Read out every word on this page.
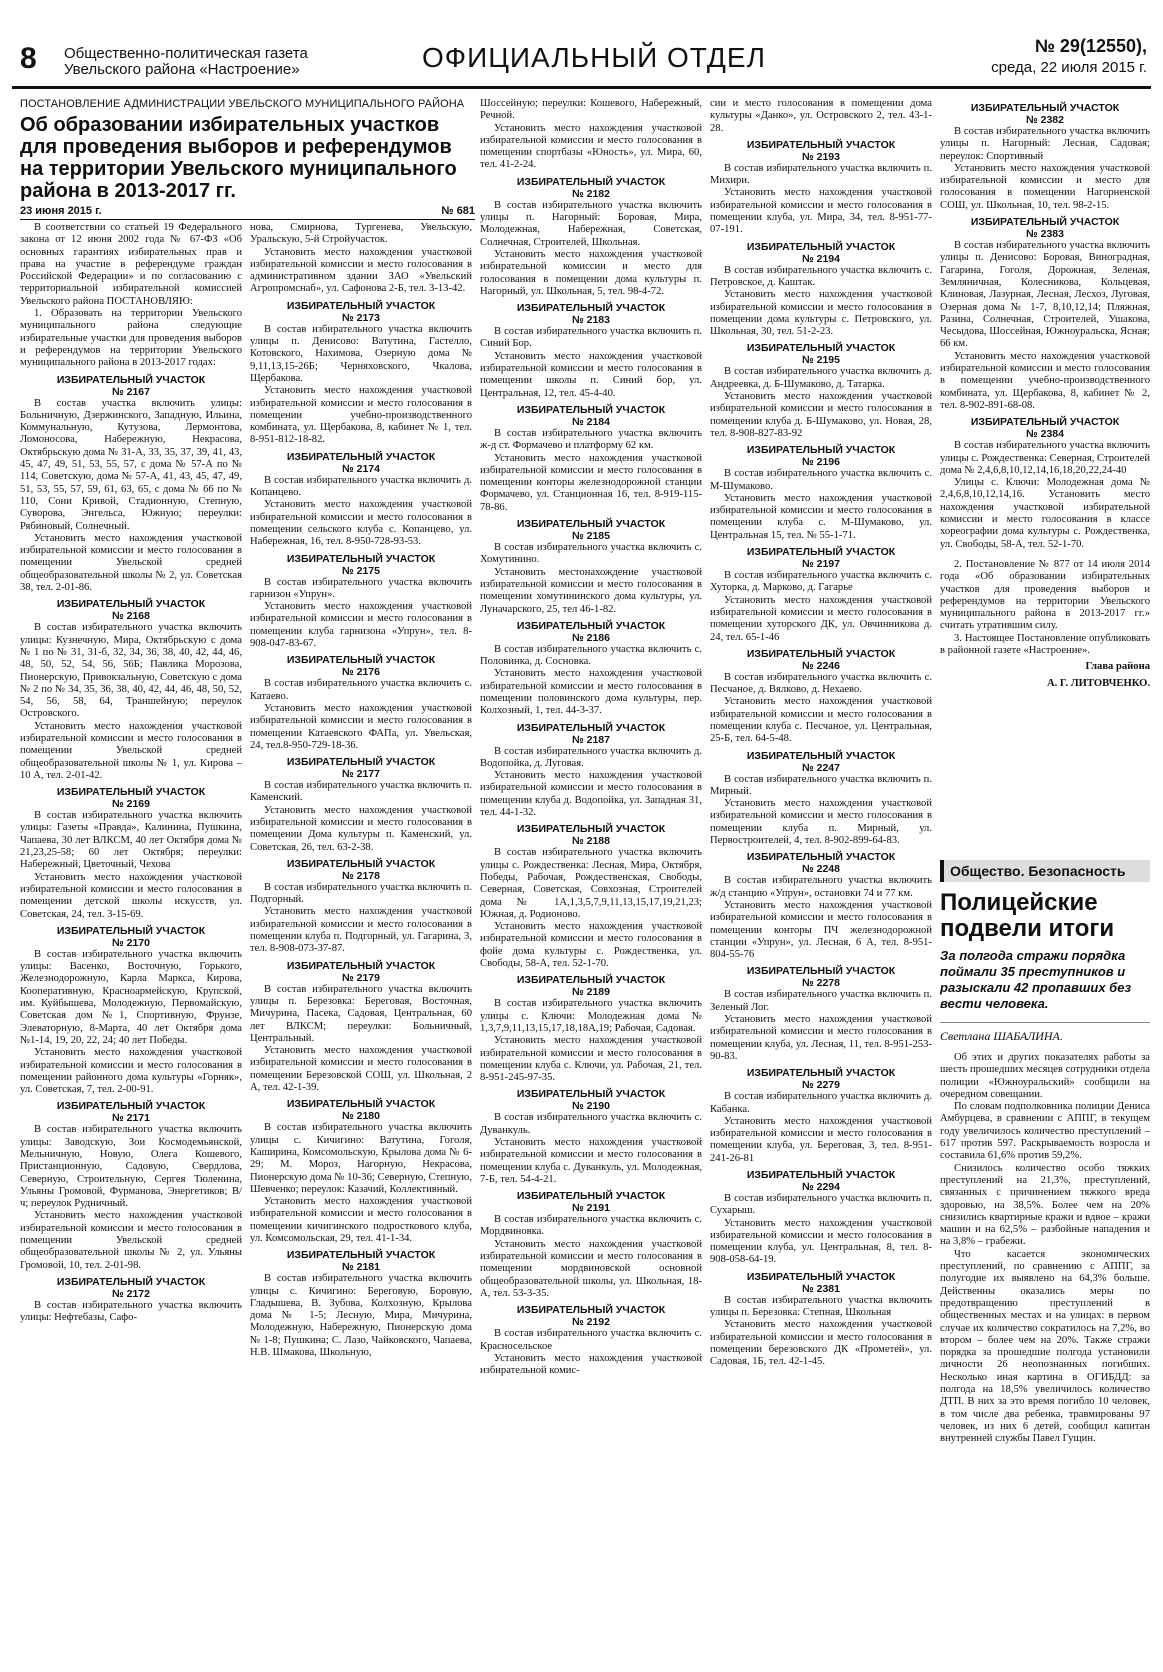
8 Общественно-политическая газета
Увельского района «Настроение»	ОФИЦИАЛЬНЫЙ ОТДЕЛ	№ 29(12550),
среда, 22 июля 2015 г.
ПОСТАНОВЛЕНИЕ АДМИНИСТРАЦИИ УВЕЛЬСКОГО МУНИЦИПАЛЬНОГО РАЙОНА
Об образовании избирательных участков для проведения выборов и референдумов на территории Увельского муниципального района в 2013-2017 гг.
23 июня 2015 г.	№ 681

В соответствии со статьей 19 Федерального закона от 12 июня 2002 года № 67-ФЗ «Об основных гарантиях избирательных прав и права на участие в референдуме граждан Российской Федерации» и по согласованию с территориальной избирательной комиссией Увельского района ПОСТАНОВЛЯЮ:

1. Образовать на территории Увельского муниципального района следующие избирательные участки для проведения выборов и референдумов на территории Увельского муниципального района в 2013-2017 годах:

ИЗБИРАТЕЛЬНЫЙ УЧАСТОК
№ 2167

В состав участка включить улицы: Больничную, Дзержинского, Западную, Ильина, Коммунальную, Кутузова, Лермонтова, Ломоносова, Набережную, Некрасова, Октябрьскую дома № 31-А, 33, 35, 37, 39, 41, 43, 45, 47, 49, 51, 53, 55, 57, с дома № 57-А по № 114, Советскую, дома № 57-А, 41, 43, 45, 47, 49, 51, 53, 55, 57, 59, 61, 63, 65, с дома № 66 по № 110, Сони Кривой, Стадионную, Степную, Суворова, Энгельса, Южную; переулки: Рябиновый, Солнечный.

Установить место нахождения участковой избирательной комиссии и место голосования в помещении Увельской средней общеобразовательной школы № 2, ул. Советская 38, тел. 2-01-86.

ИЗБИРАТЕЛЬНЫЙ УЧАСТОК
№ 2168

В состав избирательного участка включить улицы: Кузнечную, Мира, Октябрьскую с дома № 1 по № 31, 31-б, 32, 34, 36, 38, 40, 42, 44, 46, 48, 50, 52, 54, 56, 56Б; Павлика Морозова, Пионерскую, Привокзальную, Советскую с дома № 2 по № 34, 35, 36, 38, 40, 42, 44, 46, 48, 50, 52, 54, 56, 58, 64, Траншейную; переулок Островского.

Установить место нахождения участковой избирательной комиссии и место голосования в помещении Увельской средней общеобразовательной школы № 1, ул. Кирова – 10 А, тел. 2-01-42.

ИЗБИРАТЕЛЬНЫЙ УЧАСТОК
№ 2169

В состав избирательного участка включить улицы: Газеты «Правда», Калинина, Пушкина, Чапаева, 30 лет ВЛКСМ, 40 лет Октября дома № 21,23,25-58; 60 лет Октября; переулки: Набережный, Цветочный, Чехова

Установить место нахождения участковой избирательной комиссии и место голосования в помещении детской школы искусств, ул. Советская, 24, тел. 3-15-69.

ИЗБИРАТЕЛЬНЫЙ УЧАСТОК
№ 2170

В состав избирательного участка включить улицы: Васенко, Восточную, Горького, Железнодорожную, Карла Маркса, Кирова, Кооперативную, Красноармейскую, Крупской, им. Куйбышева, Молодежную, Первомайскую, Советская дом №1, Спортивную, Фрунзе, Элеваторную, 8-Марта, 40 лет Октября дома №1-14, 19, 20, 22, 24; 40 лет Победы.

Установить место нахождения участковой избирательной комиссии и место голосования в помещении районного дома культуры «Горняк», ул. Советская, 7, тел. 2-00-91.

ИЗБИРАТЕЛЬНЫЙ УЧАСТОК
№ 2171

В состав избирательного участка включить улицы: Заводскую, Зои Космодемьянской, Мельничную, Новую, Олега Кошевого, Пристанционную, Садовую, Свердлова, Северную, Строительную, Сергея Тюленина, Ульяны Громовой, Фурманова, Энергетиков; В/ч; переулок Рудничный.

Установить место нахождения участковой избирательной комиссии и место голосования в помещении Увельской средней общеобразовательной школы № 2, ул. Ульяны Громовой, 10, тел. 2-01-98.

ИЗБИРАТЕЛЬНЫЙ УЧАСТОК
№ 2172

В состав избирательного участка включить улицы: Нефтебазы, Сафо-

нова, Смирнова, Тургенева, Увельскую, Уральскую, 5-й Стройучасток.

Установить место нахождения участковой избирательной комиссии и место голосования в административном здании ЗАО «Увельский Агропромснаб», ул. Сафонова 2-Б, тел. 3-13-42.

ИЗБИРАТЕЛЬНЫЙ УЧАСТОК
№ 2173

В состав избирательного участка включить улицы п. Денисово: Ватутина, Гастелло, Котовского, Нахимова, Озерную дома № 9,11,13,15-26Б; Черняховского, Чкалова, Щербакова.

Установить место нахождения участковой избирательной комиссии и место голосования в помещении учебно-производственного комбината, ул. Щербакова, 8, кабинет № 1, тел. 8-951-812-18-82.

ИЗБИРАТЕЛЬНЫЙ УЧАСТОК
№ 2174

В состав избирательного участка включить д. Копанцево.

Установить место нахождения участковой избирательной комиссии и место голосования в помещении сельского клуба с. Копанцево, ул. Набережная, 16, тел. 8-950-728-93-53.

ИЗБИРАТЕЛЬНЫЙ УЧАСТОК
№ 2175

В состав избирательного участка включить гарнизон «Упрун».

Установить место нахождения участковой избирательной комиссии и место голосования в помещении клуба гарнизона «Упрун», тел. 8-908-047-83-67.

ИЗБИРАТЕЛЬНЫЙ УЧАСТОК
№ 2176

В состав избирательного участка включить с. Катаево.

Установить место нахождения участковой избирательной комиссии и место голосования в помещении Катаевского ФАПа, ул. Увельская, 24, тел.8-950-729-18-36.

ИЗБИРАТЕЛЬНЫЙ УЧАСТОК
№ 2177

В состав избирательного участка включить п. Каменский.

Установить место нахождения участковой избирательной комиссии и место голосования в помещении Дома культуры п. Каменский, ул. Советская, 26, тел. 63-2-38.

ИЗБИРАТЕЛЬНЫЙ УЧАСТОК
№ 2178

В состав избирательного участка включить п. Подгорный.

Установить место нахождения участковой избирательной комиссии и место голосования в помещении клуба п. Подгорный, ул. Гагарина, 3, тел. 8-908-073-37-87.

ИЗБИРАТЕЛЬНЫЙ УЧАСТОК
№ 2179

В состав избирательного участка включить улицы п. Березовка: Береговая, Восточная, Мичурина, Пасека, Садовая, Центральная, 60 лет ВЛКСМ; переулки: Больничный, Центральный.

Установить место нахождения участковой избирательной комиссии и место голосования в помещении Березовской СОШ, ул. Школьная, 2 А, тел. 42-1-39.

ИЗБИРАТЕЛЬНЫЙ УЧАСТОК
№ 2180

В состав избирательного участка включить улицы с. Кичигино: Ватутина, Гоголя, Каширина, Комсомольскую, Крылова дома № 6-29; М. Мороз, Нагорную, Некрасова, Пионерскую дома № 10-36; Северную, Степную, Шевченко; переулок: Казачий, Коллективный.

Установить место нахождения участковой избирательной комиссии и место голосования в помещении кичигинского подросткового клуба, ул. Комсомольская, 29, тел. 41-1-34.

ИЗБИРАТЕЛЬНЫЙ УЧАСТОК
№ 2181

В состав избирательного участка включить улицы с. Кичигино: Береговую, Боровую, Гладышева, В. Зубова, Колхозную, Крылова дома № 1-5; Лесную, Мира, Мичурина, Молодежную, Набережную, Пионерскую дома № 1-8; Пушкина; С. Лазо, Чайковского, Чапаева, Н.В. Шмакова, Школьную,

Шоссейную; переулки: Кошевого, Набережный, Речной.

Установить место нахождения участковой избирательной комиссии и место голосования в помещении спортбазы «Юность», ул. Мира, 60, тел. 41-2-24.

ИЗБИРАТЕЛЬНЫЙ УЧАСТОК
№ 2182

В состав избирательного участка включить улицы п. Нагорный: Боровая, Мира, Молодежная, Набережная, Советская, Солнечная, Строителей, Школьная.

Установить место нахождения участковой избирательной комиссии и место для голосования в помещении дома культуры п. Нагорный, ул. Школьная, 5, тел. 98-4-72.

ИЗБИРАТЕЛЬНЫЙ УЧАСТОК
№ 2183

В состав избирательного участка включить п. Синий Бор.

Установить место нахождения участковой избирательной комиссии и место голосования в помещении школы п. Синий бор, ул. Центральная, 12, тел. 45-4-40.

ИЗБИРАТЕЛЬНЫЙ УЧАСТОК
№ 2184

В состав избирательного участка включить ж-д ст. Формачево и платформу 62 км.

Установить место нахождения участковой избирательной комиссии и место голосования в помещении конторы железнодорожной станции Формачево, ул. Станционная 16, тел. 8-919-115-78-86.

ИЗБИРАТЕЛЬНЫЙ УЧАСТОК
№ 2185

В состав избирательного участка включить с. Хомутинино.

Установить местонахождение участковой избирательной комиссии и место голосования в помещении хомутининского дома культуры, ул. Луначарского, 25, тел 46-1-82.

ИЗБИРАТЕЛЬНЫЙ УЧАСТОК
№ 2186

В состав избирательного участка включить с. Половинка, д. Сосновка.

Установить место нахождения участковой избирательной комиссии и место голосования в помещении половинского дома культуры, пер. Колхозный, 1, тел. 44-3-37.

ИЗБИРАТЕЛЬНЫЙ УЧАСТОК
№ 2187

В состав избирательного участка включить д. Водопойка, д. Луговая.

Установить место нахождения участковой избирательной комиссии и место голосования в помещении клуба д. Водопойка, ул. Западная 31, тел. 44-1-32.

ИЗБИРАТЕЛЬНЫЙ УЧАСТОК
№ 2188

В состав избирательного участка включить улицы с. Рождественка: Лесная, Мира, Октября, Победы, Рабочая, Рождественская, Свободы, Северная, Советская, Совхозная, Строителей дома № 1А,1,3,5,7,9,11,13,15,17,19,21,23; Южная, д. Родионово.

Установить место нахождения участковой избирательной комиссии и место голосования в фойе дома культуры с. Рождественка, ул. Свободы, 58-А, тел. 52-1-70.

ИЗБИРАТЕЛЬНЫЙ УЧАСТОК
№ 2189

В состав избирательного участка включить улицы с. Ключи: Молодежная дома № 1,3,7,9,11,13,15,17,18,18А,19; Рабочая, Садовая.

Установить место нахождения участковой избирательной комиссии и место голосования в помещении клуба с. Ключи, ул. Рабочая, 21, тел. 8-951-245-97-35.

ИЗБИРАТЕЛЬНЫЙ УЧАСТОК
№ 2190

В состав избирательного участка включить с. Дуванкуль.

Установить место нахождения участковой избирательной комиссии и место голосования в помещении клуба с. Дуванкуль, ул. Молодежная, 7-Б, тел. 54-4-21.

ИЗБИРАТЕЛЬНЫЙ УЧАСТОК
№ 2191

В состав избирательного участка включить с. Мордвиновка.

Установить место нахождения участковой избирательной комиссии и место голосования в помещении мордвиновской основной общеобразовательной школы, ул. Школьная, 18-А, тел. 53-3-35.

ИЗБИРАТЕЛЬНЫЙ УЧАСТОК
№ 2192

В состав избирательного участка включить с. Красносельское

Установить место нахождения участковой избирательной комис-

сии и место голосования в помещении дома культуры «Данко», ул. Островского 2, тел. 43-1-28.

ИЗБИРАТЕЛЬНЫЙ УЧАСТОК
№ 2193

В состав избирательного участка включить п. Михири.

Установить место нахождения участковой избирательной комиссии и место голосования в помещении клуба, ул. Мира, 34, тел. 8-951-77-07-191.

ИЗБИРАТЕЛЬНЫЙ УЧАСТОК
№ 2194

В состав избирательного участка включить с. Петровское, д. Каштак.

Установить место нахождения участковой избирательной комиссии и место голосования в помещении дома культуры с. Петровского, ул. Школьная, 30, тел. 51-2-23.

ИЗБИРАТЕЛЬНЫЙ УЧАСТОК
№ 2195

В состав избирательного участка включить д. Андреевка, д. Б-Шумаково, д. Татарка.

Установить место нахождения участковой избирательной комиссии и место голосования в помещении клуба д. Б-Шумаково, ул. Новая, 28, тел. 8-908-827-83-92

ИЗБИРАТЕЛЬНЫЙ УЧАСТОК
№ 2196

В состав избирательного участка включить с. М-Шумаково.

Установить место нахождения участковой избирательной комиссии и место голосования в помещении клуба с. М-Шумаково, ул. Центральная 15, тел. № 55-1-71.

ИЗБИРАТЕЛЬНЫЙ УЧАСТОК
№ 2197

В состав избирательного участка включить с. Хуторка, д. Марково, д. Гагарье

Установить место нахождения участковой избирательной комиссии и место голосования в помещении хуторского ДК, ул. Овчинникова д. 24, тел. 65-1-46

ИЗБИРАТЕЛЬНЫЙ УЧАСТОК
№ 2246

В состав избирательного участка включить с. Песчаное, д. Вялково, д. Нехаево.

Установить место нахождения участковой избирательной комиссии и место голосования в помещении клуба с. Песчаное, ул. Центральная, 25-Б, тел. 64-5-48.

ИЗБИРАТЕЛЬНЫЙ УЧАСТОК
№ 2247

В состав избирательного участка включить п. Мирный.

Установить место нахождения участковой избирательной комиссии и место голосования в помещении клуба п. Мирный, ул. Первостроителей, 4, тел. 8-902-899-64-83.

ИЗБИРАТЕЛЬНЫЙ УЧАСТОК
№ 2248

В состав избирательного участка включить ж/д станцию «Упрун», остановки 74 и 77 км.

Установить место нахождения участковой избирательной комиссии и место голосования в помещении конторы ПЧ железнодорожной станции «Упрун», ул. Лесная, 6 А, тел. 8-951-804-55-76

ИЗБИРАТЕЛЬНЫЙ УЧАСТОК
№ 2278

В состав избирательного участка включить п. Зеленый Лог.

Установить место нахождения участковой избирательной комиссии и место голосования в помещении клуба, ул. Лесная, 11, тел. 8-951-253-90-83.

ИЗБИРАТЕЛЬНЫЙ УЧАСТОК
№ 2279

В состав избирательного участка включить д. Кабанка.

Установить место нахождения участковой избирательной комиссии и место голосования в помещении клуба, ул. Береговая, 3, тел. 8-951-241-26-81

ИЗБИРАТЕЛЬНЫЙ УЧАСТОК
№ 2294

В состав избирательного участка включить п. Сухарыш.

Установить место нахождения участковой избирательной комиссии и место голосования в помещении клуба, ул. Центральная, 8, тел. 8-908-058-64-19.

ИЗБИРАТЕЛЬНЫЙ УЧАСТОК
№ 2381

В состав избирательного участка включить улицы п. Березовка: Степная, Школьная

Установить место нахождения участковой избирательной комиссии и место голосования в помещении березовского ДК «Прометей», ул. Садовая, 1Б, тел. 42-1-45.

ИЗБИРАТЕЛЬНЫЙ УЧАСТОК
№ 2382

В состав избирательного участка включить улицы п. Нагорный: Лесная, Садовая; переулок: Спортивный

Установить место нахождения участковой избирательной комиссии и место для голосования в помещении Нагорненской СОШ, ул. Школьная, 10, тел. 98-2-15.

ИЗБИРАТЕЛЬНЫЙ УЧАСТОК
№ 2383

В состав избирательного участка включить улицы п. Денисово: Боровая, Виноградная, Гагарина, Гоголя, Дорожная, Зеленая, Земляничная, Колесникова, Кольцевая, Клиновая, Лазурная, Лесная, Лесхоз, Луговая, Озерная дома № 1-7, 8,10,12,14; Пляжная, Разина, Солнечная, Строителей, Ушакова, Чесыдова, Шоссейная, Южноуральска, Ясная; 66 км.

Установить место нахождения участковой избирательной комиссии и место голосования в помещении учебно-производственного комбината, ул. Щербакова, 8, кабинет № 2, тел. 8-902-891-68-08.

ИЗБИРАТЕЛЬНЫЙ УЧАСТОК
№ 2384

В состав избирательного участка включить улицы с. Рождественка: Северная, Строителей дома № 2,4,6,8,10,12,14,16,18,20,22,24-40

Улицы с. Ключи: Молодежная дома № 2,4,6,8,10,12,14,16. Установить место нахождения участковой избирательной комиссии и место голосования в классе хореографии дома культуры с. Рождественка, ул. Свободы, 58-А, тел. 52-1-70.

2. Постановление № 877 от 14 июля 2014 года «Об образовании избирательных участков для проведения выборов и референдумов на территории Увельского муниципального района в 2013-2017 гг.» считать утратившим силу.

3. Настоящее Постановление опубликовать в районной газете «Настроение».

Глава района
А. Г. ЛИТОВЧЕНКО.
Общество. Безопасность
Полицейские подвели итоги
За полгода стражи порядка поймали 35 преступников и разыскали 42 пропавших без вести человека.
Светлана ШАБАЛИНА.

Об этих и других показателях работы за шесть прошедших месяцев сотрудники отдела полиции «Южноуральский» сообщили на очередном совещании.

По словам подполковника полиции Дениса Амбурцева, в сравнении с АППГ, в текущем году увеличилось количество преступлений – 617 против 597. Раскрываемость возросла и составила 61,6% против 59,2%.

Снизилось количество особо тяжких преступлений на 21,3%, преступлений, связанных с причинением тяжкого вреда здоровью, на 38,5%. Более чем на 20% снизились квартирные кражи и вдвое – кражи машин и на 62,5% – разбойные нападения и на 3,8% – грабежи.

Что касается экономических преступлений, по сравнению с АППГ, за полугодие их выявлено на 64,3% больше. Действенны оказались меры по предотвращению преступлений в общественных местах и на улицах: в первом случае их количество сократилось на 7,2%, во втором – более чем на 20%. Также стражи порядка за прошедшие полгода установили личности 26 неопознанных погибших. Несколько иная картина в ОГИБДД: за полгода на 18,5% увеличилось количество ДТП. В них за это время погибло 10 человек, в том числе два ребенка, травмированы 97 человек, из них 6 детей, сообщил капитан внутренней службы Павел Гущин.
